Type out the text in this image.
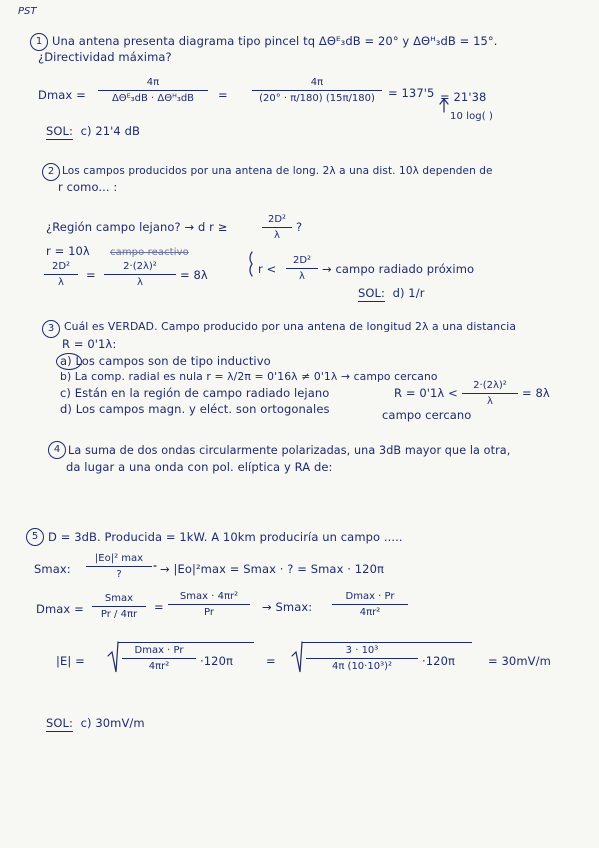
PST
1 Una antena presenta diagrama tipo pincel tq ΔΘᴱ₃dB = 20° y ΔΘᴴ₃dB = 15°.
¿Directividad máxima?
Dmax =
4π
ΔΘᴱ₃dB · ΔΘᴴ₃dB	=
4π
(20° · π/180) (15π/180)	= 137'5 = 21'38
10 log( )
SOL: c) 21'4 dB
2 Los campos producidos por una antena de long. 2λ a una dist. 10λ dependen de
r como... :
¿Región campo lejano? → d r ≥
2D²
λ
?
r = 10λ campo reactivo
2D²
λ
=
2·(2λ)²
λ
= 8λ	r <
2D²
λ
→ campo radiado próximo
SOL: d) 1/r
3 Cuál es VERDAD. Campo producido por una antena de longitud 2λ a una distancia
R = 0'1λ:
a) Los campos son de tipo inductivo
b) La comp. radial es nula r = λ/2π = 0'16λ ≠ 0'1λ → campo cercano
c) Están en la región de campo radiado lejano	R = 0'1λ <
2·(2λ)²
λ
= 8λ
d) Los campos magn. y eléct. son ortogonales	campo cercano
4 La suma de dos ondas circularmente polarizadas, una 3dB mayor que la otra,
da lugar a una onda con pol. elíptica y RA de:
5 D = 3dB. Producida = 1kW. A 10km produciría un campo .....
Smax:
|Eo|² max
?	→ |Eo|²max = Smax · ? = Smax · 120π
Dmax =
Smax
Pr / 4πr
=
Smax · 4πr²
Pr	→ Smax:
Dmax · Pr
4πr²
|E| =
Dmax · Pr
4πr²	·120π	=
3 · 10³
4π (10·10³)²	·120π	= 30mV/m
SOL: c) 30mV/m
